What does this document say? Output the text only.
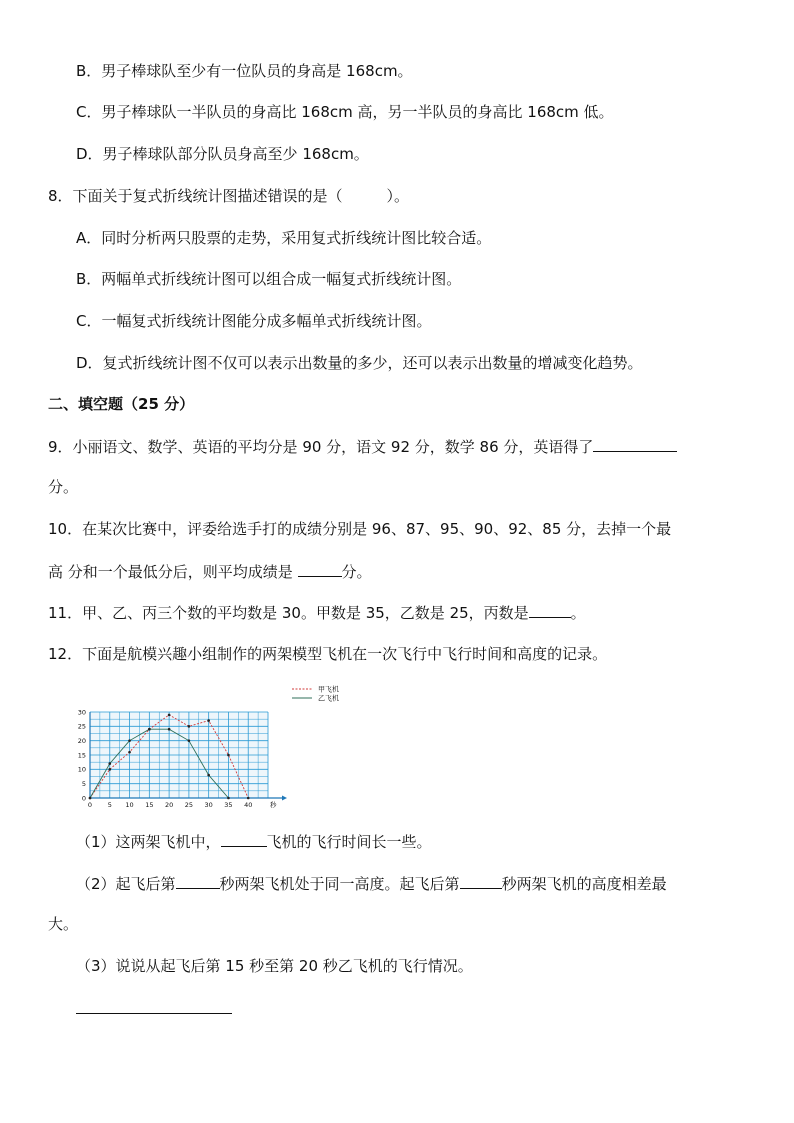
B．男子棒球队至少有一位队员的身高是 168cm。
C．男子棒球队一半队员的身高比 168cm 高，另一半队员的身高比 168cm 低。
D．男子棒球队部分队员身高至少 168cm。
8．下面关于复式折线统计图描述错误的是（	）。
A．同时分析两只股票的走势，采用复式折线统计图比较合适。
B．两幅单式折线统计图可以组合成一幅复式折线统计图。
C．一幅复式折线统计图能分成多幅单式折线统计图。
D．复式折线统计图不仅可以表示出数量的多少，还可以表示出数量的增减变化趋势。
二、填空题（25 分）
9．小丽语文、数学、英语的平均分是 90 分，语文 92 分，数学 86 分，英语得了
分。
10．在某次比赛中，评委给选手打的成绩分别是 96、87、95、90、92、85 分，去掉一个最
高 分和一个最低分后，则平均成绩是	分。
11．甲、乙、丙三个数的平均数是 30。甲数是 35，乙数是 25，丙数是	。
12．下面是航模兴趣小组制作的两架模型飞机在一次飞行中飞行时间和高度的记录。
0 5 10 15 20 25 30 35 40
0
5
10
15
20
25
30
秒
甲飞机
乙飞机
（1）这两架飞机中，	飞机的飞行时间长一些。
（2）起飞后第	秒两架飞机处于同一高度。起飞后第	秒两架飞机的高度相差最
大。
（3）说说从起飞后第 15 秒至第 20 秒乙飞机的飞行情况。
